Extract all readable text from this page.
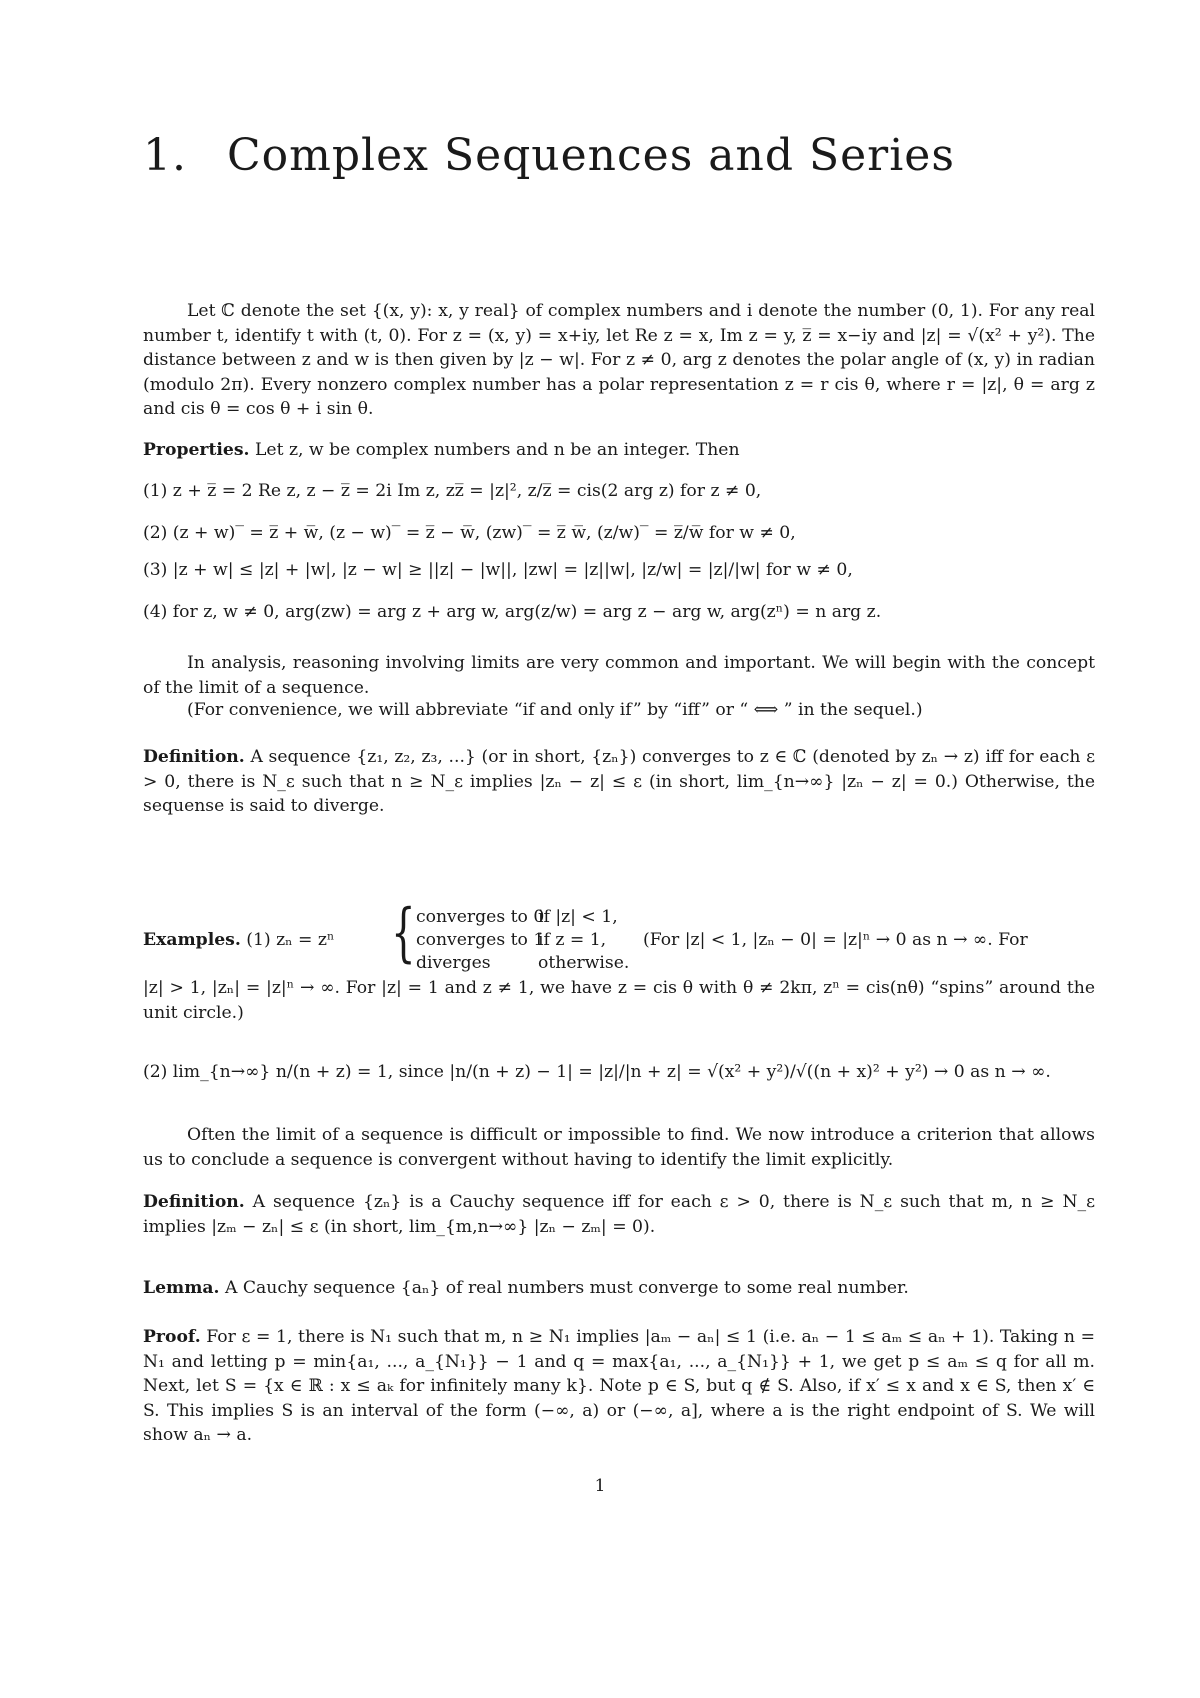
1. Complex Sequences and Series
Let ℂ denote the set {(x, y): x, y real} of complex numbers and i denote the number (0, 1). For any real number t, identify t with (t, 0). For z = (x, y) = x+iy, let Re z = x, Im z = y, z̅ = x−iy and |z| = √(x² + y²). The distance between z and w is then given by |z − w|. For z ≠ 0, arg z denotes the polar angle of (x, y) in radian (modulo 2π). Every nonzero complex number has a polar representation z = r cis θ, where r = |z|, θ = arg z and cis θ = cos θ + i sin θ.
Properties. Let z, w be complex numbers and n be an integer. Then
(1) z + z̅ = 2 Re z, z − z̅ = 2i Im z, zz̅ = |z|², z/z̅ = cis(2 arg z) for z ≠ 0,
(2) (z + w)‾ = z̅ + w̅, (z − w)‾ = z̅ − w̅, (zw)‾ = z̅ w̅, (z/w)‾ = z̅/w̅ for w ≠ 0,
(3) |z + w| ≤ |z| + |w|, |z − w| ≥ ||z| − |w||, |zw| = |z||w|, |z/w| = |z|/|w| for w ≠ 0,
(4) for z, w ≠ 0, arg(zw) = arg z + arg w, arg(z/w) = arg z − arg w, arg(zⁿ) = n arg z.
In analysis, reasoning involving limits are very common and important. We will begin with the concept of the limit of a sequence.
(For convenience, we will abbreviate “if and only if” by “iff” or “ ⟺ ” in the sequel.)
Definition. A sequence {z₁, z₂, z₃, ...} (or in short, {zₙ}) converges to z ∈ ℂ (denoted by zₙ → z) iff for each ε > 0, there is N_ε such that n ≥ N_ε implies |zₙ − z| ≤ ε (in short, lim_{n→∞} |zₙ − z| = 0.) Otherwise, the sequense is said to diverge.
Examples. (1) zₙ = zⁿ { converges to 0
if |z| < 1,
converges to 1
if z = 1,
diverges	otherwise.
(For |z| < 1, |zₙ − 0| = |z|ⁿ → 0 as n → ∞. For
|z| > 1, |zₙ| = |z|ⁿ → ∞. For |z| = 1 and z ≠ 1, we have z = cis θ with θ ≠ 2kπ, zⁿ = cis(nθ) “spins” around the unit circle.)
(2) lim_{n→∞} n/(n + z) = 1, since |n/(n + z) − 1| = |z|/|n + z| = √(x² + y²)/√((n + x)² + y²) → 0 as n → ∞.
Often the limit of a sequence is difficult or impossible to find. We now introduce a criterion that allows us to conclude a sequence is convergent without having to identify the limit explicitly.
Definition. A sequence {zₙ} is a Cauchy sequence iff for each ε > 0, there is N_ε such that m, n ≥ N_ε implies |zₘ − zₙ| ≤ ε (in short, lim_{m,n→∞} |zₙ − zₘ| = 0).
Lemma. A Cauchy sequence {aₙ} of real numbers must converge to some real number.
Proof. For ε = 1, there is N₁ such that m, n ≥ N₁ implies |aₘ − aₙ| ≤ 1 (i.e. aₙ − 1 ≤ aₘ ≤ aₙ + 1). Taking n = N₁ and letting p = min{a₁, ..., a_{N₁}} − 1 and q = max{a₁, ..., a_{N₁}} + 1, we get p ≤ aₘ ≤ q for all m. Next, let S = {x ∈ ℝ : x ≤ aₖ for infinitely many k}. Note p ∈ S, but q ∉ S. Also, if x′ ≤ x and x ∈ S, then x′ ∈ S. This implies S is an interval of the form (−∞, a) or (−∞, a], where a is the right endpoint of S. We will show aₙ → a.
1
